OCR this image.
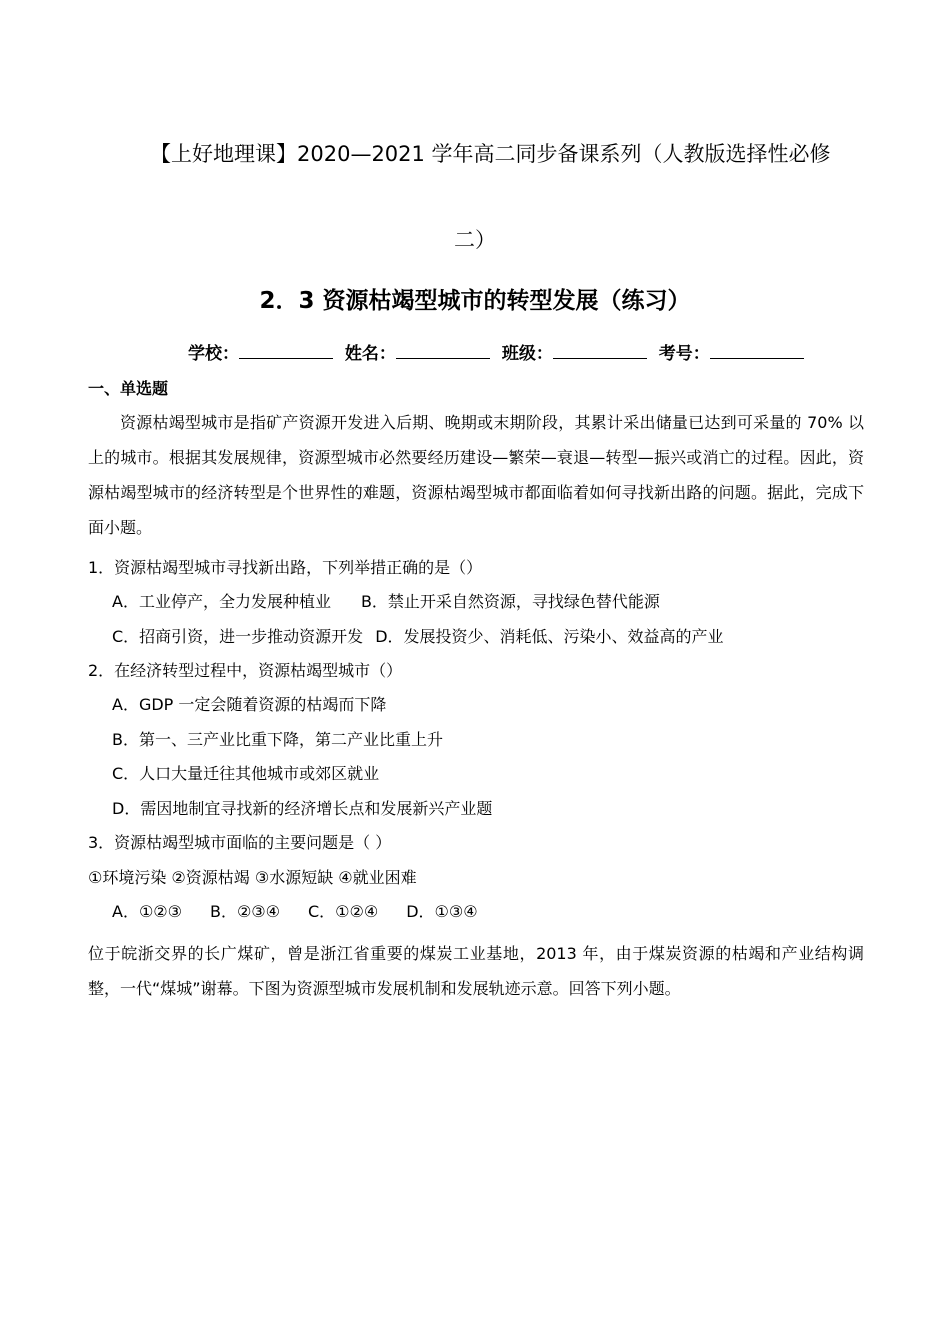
【上好地理课】2020—2021 学年高二同步备课系列（人教版选择性必修
二）
2．3 资源枯竭型城市的转型发展（练习）
学校：	姓名：	班级：	考号：
一、单选题
资源枯竭型城市是指矿产资源开发进入后期、晚期或末期阶段，其累计采出储量已达到可采量的 70% 以上的城市。根据其发展规律，资源型城市必然要经历建设—繁荣—衰退—转型—振兴或消亡的过程。因此，资源枯竭型城市的经济转型是个世界性的难题，资源枯竭型城市都面临着如何寻找新出路的问题。据此，完成下面小题。
1．资源枯竭型城市寻找新出路，下列举措正确的是（）
A．工业停产，全力发展种植业 B．禁止开采自然资源，寻找绿色替代能源
C．招商引资，进一步推动资源开发 D．发展投资少、消耗低、污染小、效益高的产业
2．在经济转型过程中，资源枯竭型城市（）
A．GDP 一定会随着资源的枯竭而下降
B．第一、三产业比重下降，第二产业比重上升
C．人口大量迁往其他城市或郊区就业
D．需因地制宜寻找新的经济增长点和发展新兴产业题
3．资源枯竭型城市面临的主要问题是（ ）
①环境污染 ②资源枯竭 ③水源短缺 ④就业困难
A．①②③ B．②③④ C．①②④ D．①③④
位于皖浙交界的长广煤矿，曾是浙江省重要的煤炭工业基地，2013 年，由于煤炭资源的枯竭和产业结构调整，一代“煤城”谢幕。下图为资源型城市发展机制和发展轨迹示意。回答下列小题。
